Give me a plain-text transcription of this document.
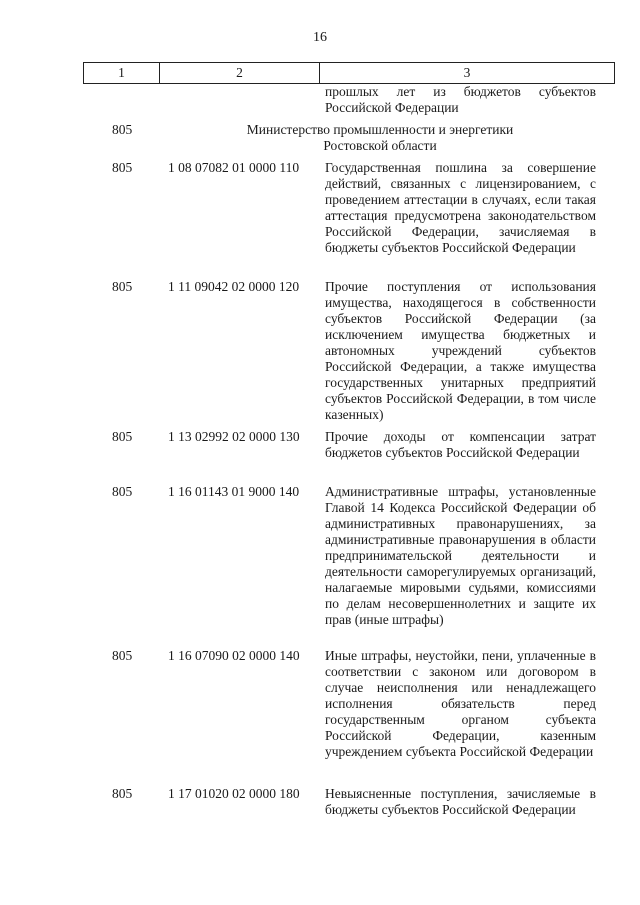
16
1	2	3
прошлых лет из бюджетов субъектов Российской Федерации
805	Министерство промышленности и энергетики Ростовской области
805	1 08 07082 01 0000 110 Государственная пошлина за совершение действий, связанных с лицензированием, с проведением аттестации в случаях, если такая аттестация предусмотрена законодательством Российской Федерации, зачисляемая в бюджеты субъектов Российской Федерации
805	1 11 09042 02 0000 120 Прочие поступления от использования имущества, находящегося в собственности субъектов Российской Федерации (за исключением имущества бюджетных и автономных учреждений субъектов Российской Федерации, а также имущества государственных унитарных предприятий субъектов Российской Федерации, в том числе казенных)
805	1 13 02992 02 0000 130 Прочие доходы от компенсации затрат бюджетов субъектов Российской Федерации
805	1 16 01143 01 9000 140 Административные штрафы, установленные Главой 14 Кодекса Российской Федерации об административных правонарушениях, за административные правонарушения в области предпринимательской деятельности и деятельности саморегулируемых организаций, налагаемые мировыми судьями, комиссиями по делам несовершеннолетних и защите их прав (иные штрафы)
805	1 16 07090 02 0000 140 Иные штрафы, неустойки, пени, уплаченные в соответствии с законом или договором в случае неисполнения или ненадлежащего исполнения обязательств перед государственным органом субъекта Российской Федерации, казенным учреждением субъекта Российской Федерации
805	1 17 01020 02 0000 180 Невыясненные поступления, зачисляемые в бюджеты субъектов Российской Федерации
